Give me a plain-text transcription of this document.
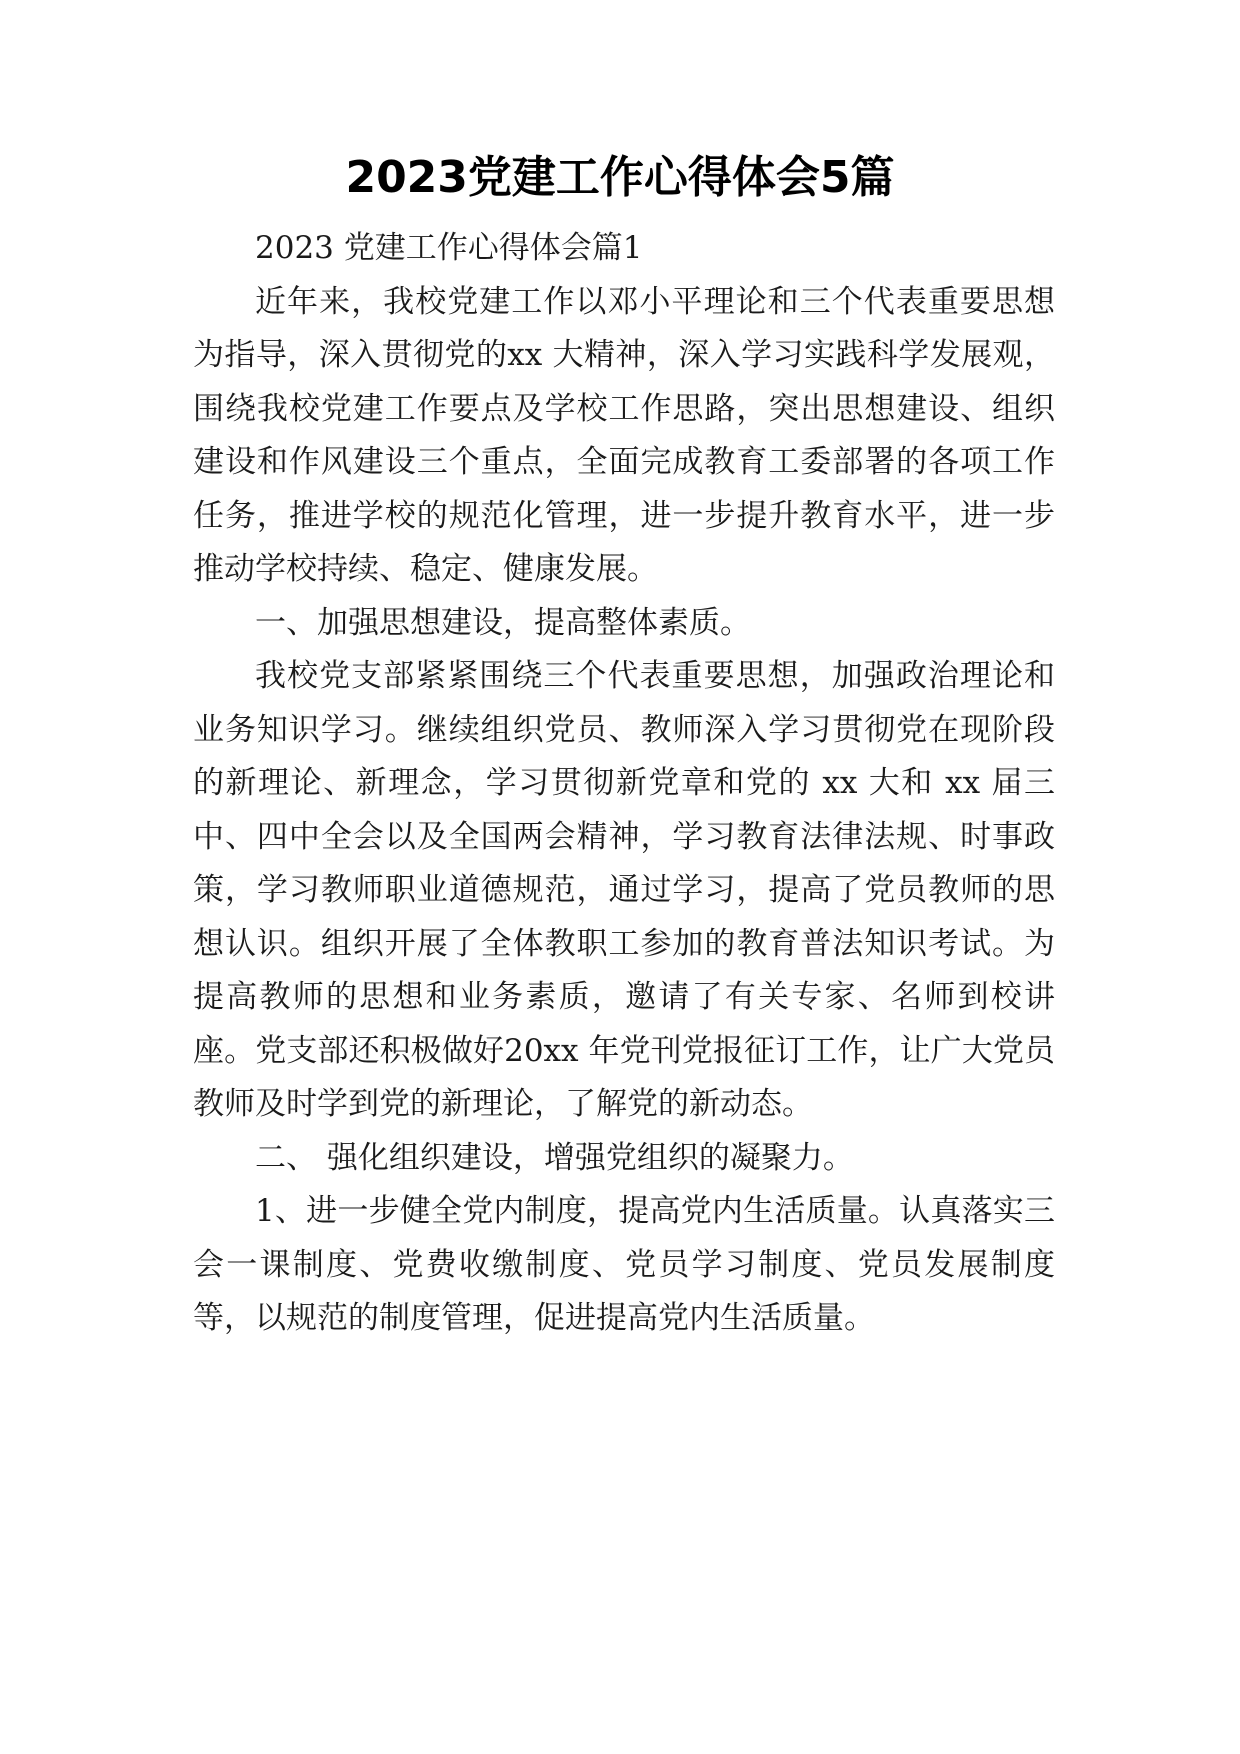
2023党建工作心得体会5篇

2023 党建工作心得体会篇1

近年来，我校党建工作以邓小平理论和三个代表重要思想为指导，深入贯彻党的xx 大精神，深入学习实践科学发展观，围绕我校党建工作要点及学校工作思路，突出思想建设、组织建设和作风建设三个重点，全面完成教育工委部署的各项工作任务，推进学校的规范化管理，进一步提升教育水平，进一步推动学校持续、稳定、健康发展。

一、加强思想建设，提高整体素质。

我校党支部紧紧围绕三个代表重要思想，加强政治理论和业务知识学习。继续组织党员、教师深入学习贯彻党在现阶段的新理论、新理念，学习贯彻新党章和党的 xx 大和 xx 届三中、四中全会以及全国两会精神，学习教育法律法规、时事政策，学习教师职业道德规范，通过学习，提高了党员教师的思想认识。组织开展了全体教职工参加的教育普法知识考试。为提高教师的思想和业务素质，邀请了有关专家、名师到校讲座。党支部还积极做好20xx 年党刊党报征订工作，让广大党员教师及时学到党的新理论，了解党的新动态。

二、 强化组织建设，增强党组织的凝聚力。

1、进一步健全党内制度，提高党内生活质量。认真落实三会一课制度、党费收缴制度、党员学习制度、党员发展制度等，以规范的制度管理，促进提高党内生活质量。
